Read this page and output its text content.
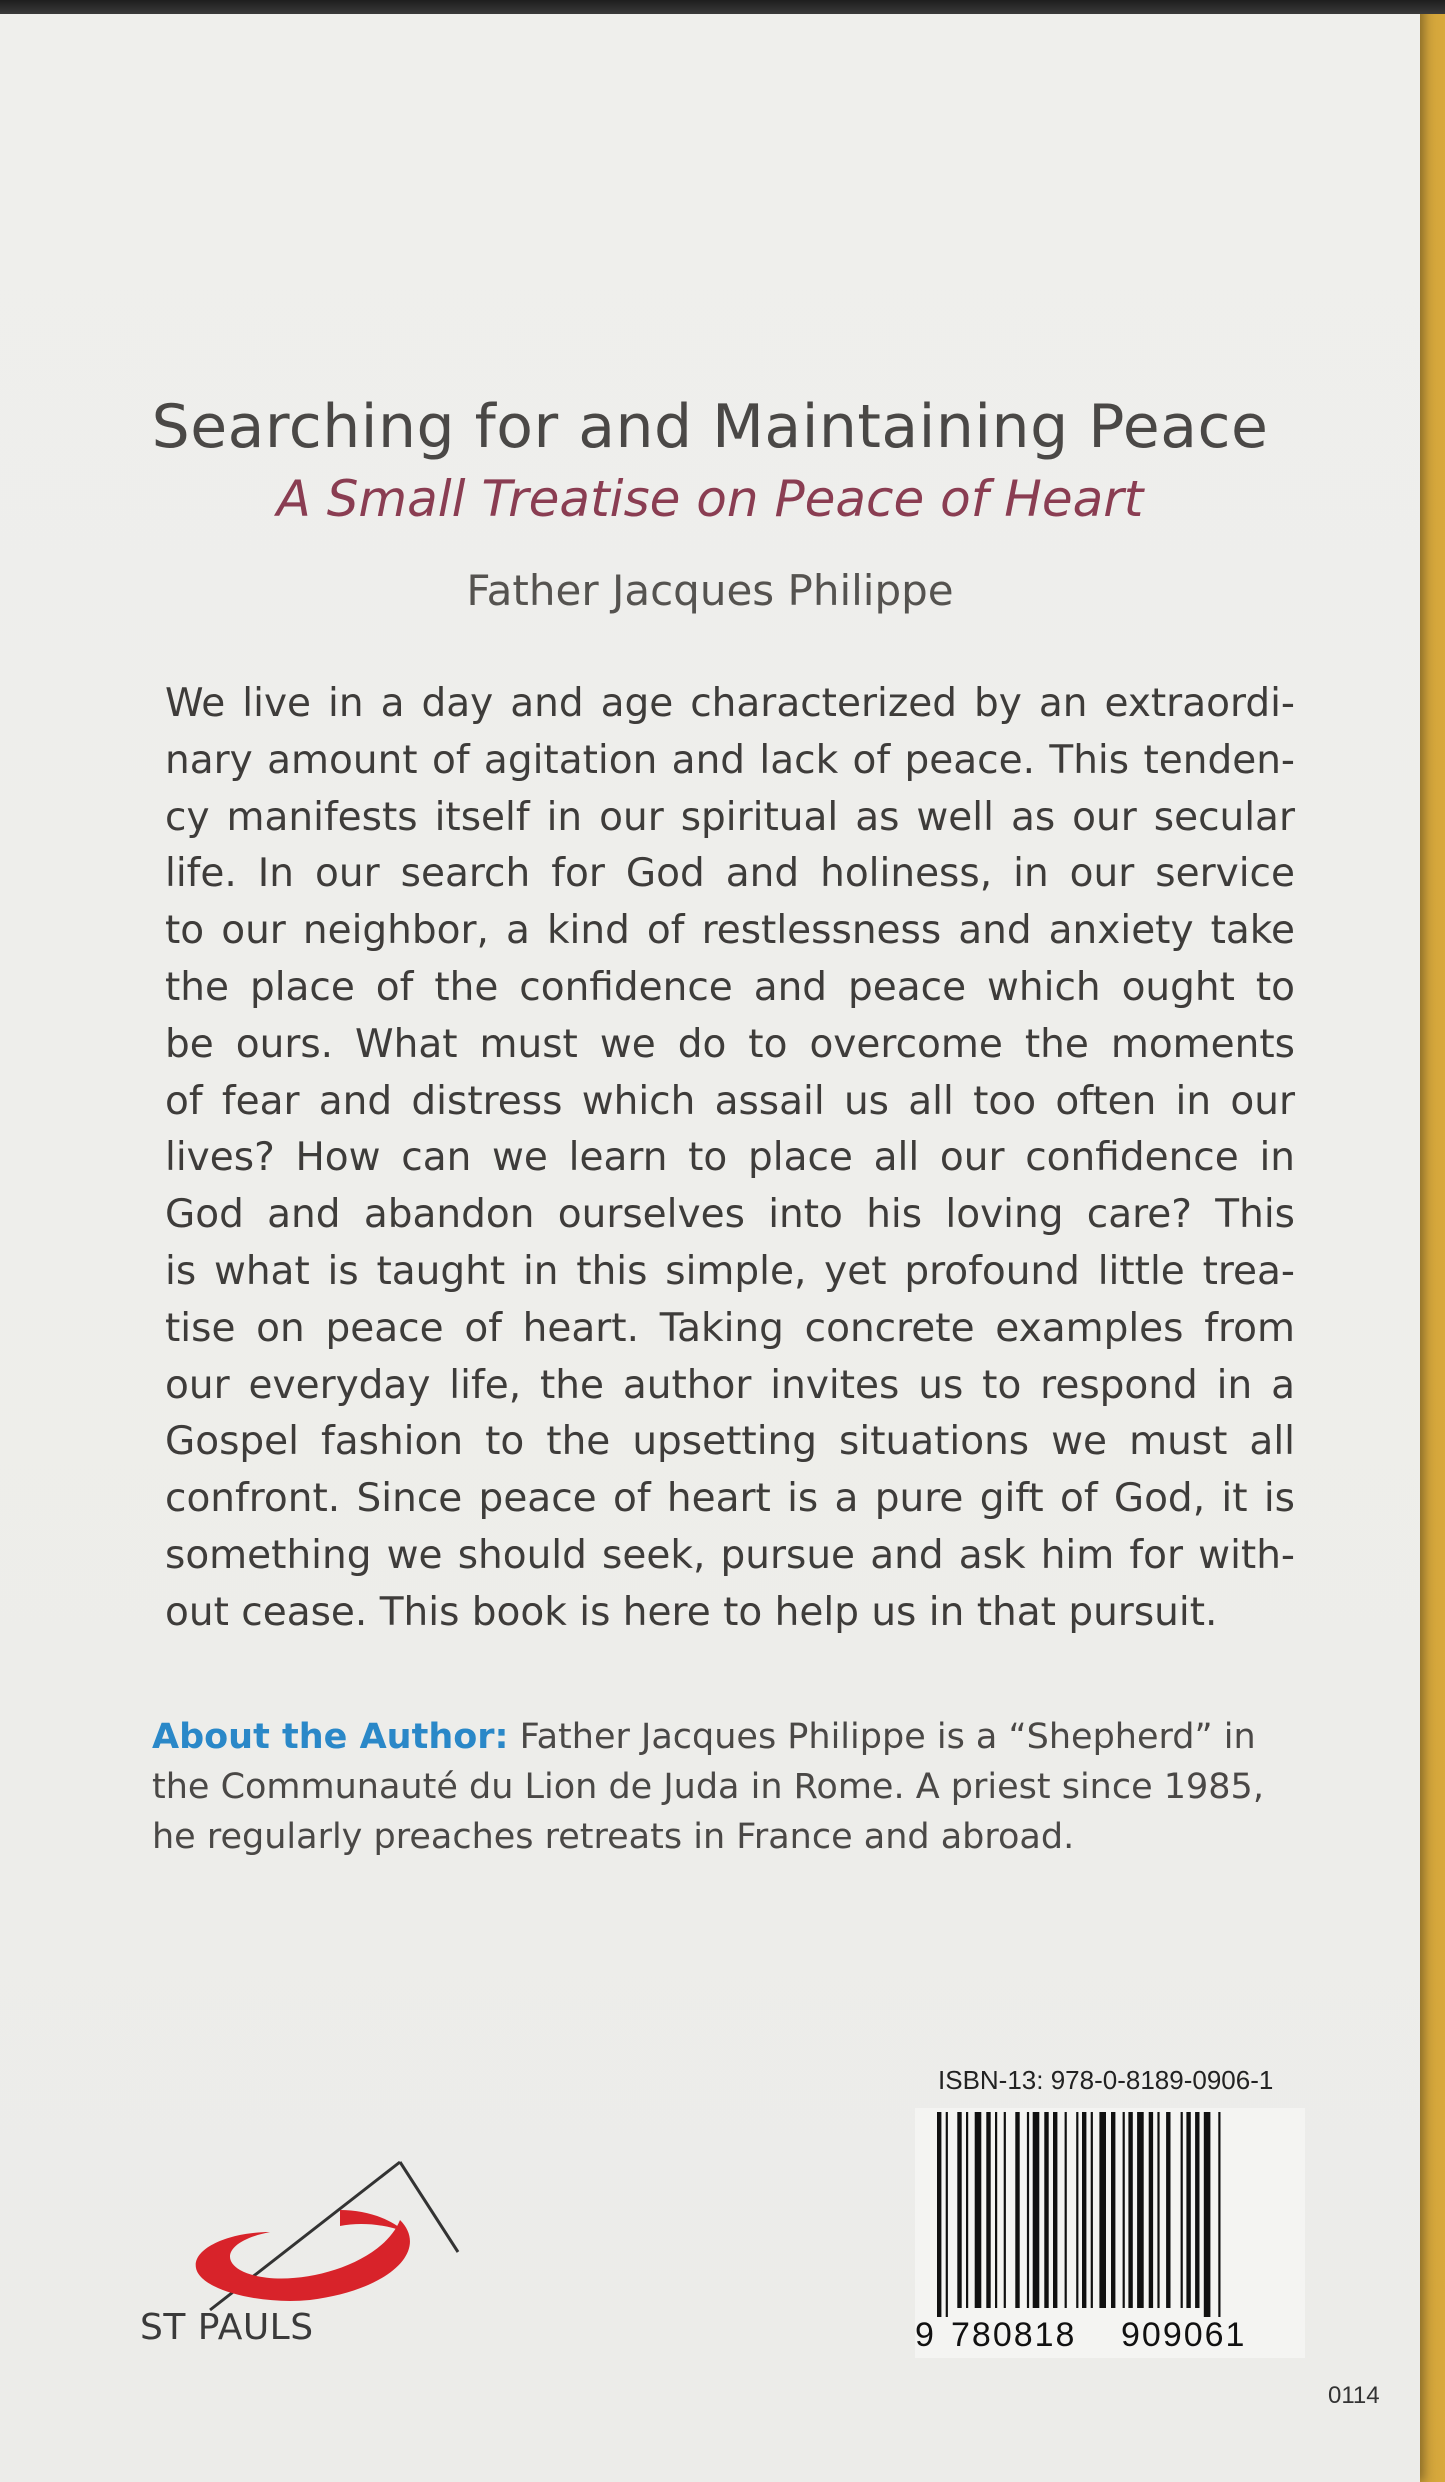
Searching for and Maintaining Peace
A Small Treatise on Peace of Heart
Father Jacques Philippe
We live in a day and age characterized by an extraordi-
nary amount of agitation and lack of peace. This tenden-
cy manifests itself in our spiritual as well as our secular
life. In our search for God and holiness, in our service
to our neighbor, a kind of restlessness and anxiety take
the place of the confidence and peace which ought to
be ours. What must we do to overcome the moments
of fear and distress which assail us all too often in our
lives? How can we learn to place all our confidence in
God and abandon ourselves into his loving care? This
is what is taught in this simple, yet profound little trea-
tise on peace of heart. Taking concrete examples from
our everyday life, the author invites us to respond in a
Gospel fashion to the upsetting situations we must all
confront. Since peace of heart is a pure gift of God, it is
something we should seek, pursue and ask him for with-
out cease. This book is here to help us in that pursuit.
About the Author: Father Jacques Philippe is a “Shepherd” in
the Communauté du Lion de Juda in Rome. A priest since 1985,
he regularly preaches retreats in France and abroad.
ST PAULS
ISBN-13: 978-0-8189-0906-1
9 780818 909061
0114
